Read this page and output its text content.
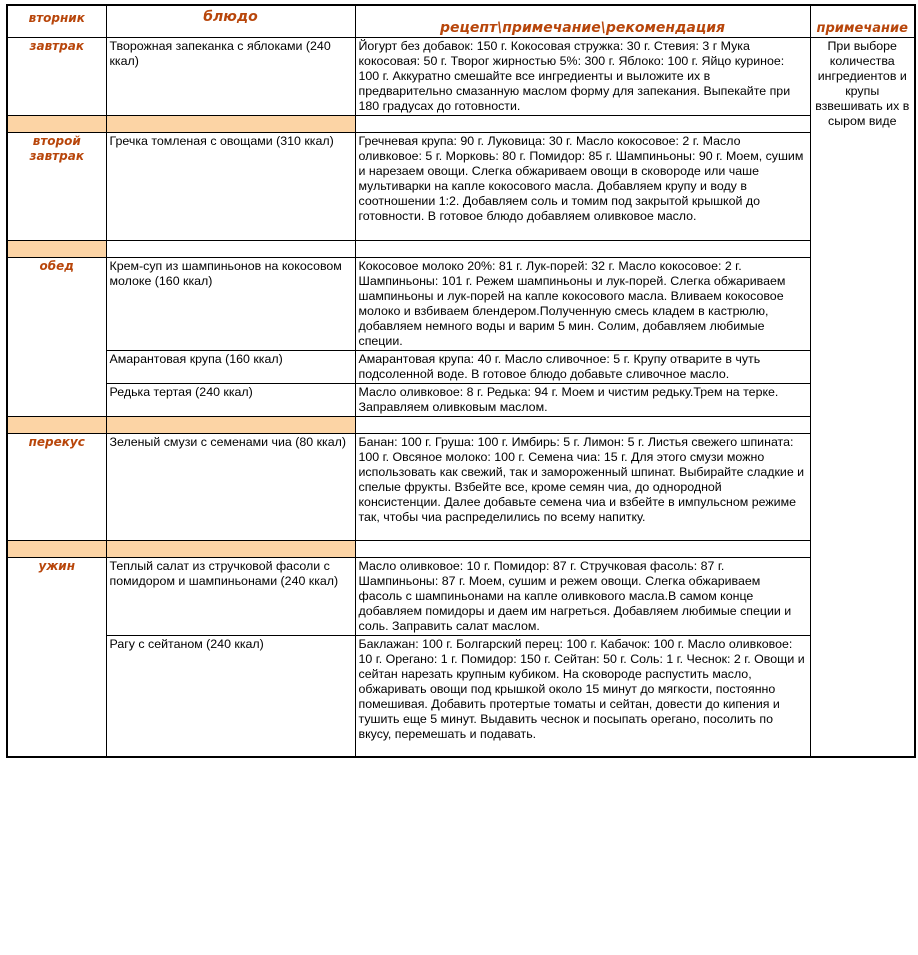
вторник	блюдо	рецепт\примечание\рекомендация	примечание
завтрак	Творожная запеканка с яблоками (240 ккал)	Йогурт без добавок: 150 г. Кокосовая стружка: 30 г. Стевия: 3 г Мука кокосовая: 50 г. Творог жирностью 5%: 300 г. Яблоко: 100 г. Яйцо куриное: 100 г. Аккуратно смешайте все ингредиенты и выложите их в предварительно смазанную маслом форму для запекания. Выпекайте при 180 градусах до готовности.	При выборе количества ингредиентов и крупы взвешивать их в сыром виде

второй завтрак	Гречка томленая с овощами (310 ккал)	Гречневая крупа: 90 г. Луковица: 30 г. Масло кокосовое: 2 г. Масло оливковое: 5 г. Морковь: 80 г. Помидор: 85 г. Шампиньоны: 90 г. Моем, сушим и нарезаем овощи. Слегка обжариваем овощи в сковороде или чаше мультиварки на капле кокосового масла. Добавляем крупу и воду в соотношении 1:2. Добавляем соль и томим под закрытой крышкой до готовности. В готовое блюдо добавляем оливковое масло.	

обед	Крем-суп из шампиньонов на кокосовом молоке (160 ккал)	Кокосовое молоко 20%: 81 г. Лук-порей: 32 г. Масло кокосовое: 2 г. Шампиньоны: 101 г. Режем шампиньоны и лук-порей. Слегка обжариваем шампиньоны и лук-порей на капле кокосового масла. Вливаем кокосовое молоко и взбиваем блендером.Полученную смесь кладем в кастрюлю, добавляем немного воды и варим 5 мин. Солим, добавляем любимые специи.	
	Амарантовая крупа (160 ккал)	Амарантовая крупа: 40 г. Масло сливочное: 5 г. Крупу отварите в чуть подсоленной воде. В готовое блюдо добавьте сливочное масло.	
	Редька тертая (240 ккал)	Масло оливковое: 8 г. Редька: 94 г. Моем и чистим редьку.Трем на терке. Заправляем оливковым маслом.	

перекус	Зеленый смузи с семенами чиа (80 ккал)	Банан: 100 г. Груша: 100 г. Имбирь: 5 г. Лимон: 5 г. Листья свежего шпината: 100 г. Овсяное молоко: 100 г. Семена чиа: 15 г. Для этого смузи можно использовать как свежий, так и замороженный шпинат. Выбирайте сладкие и спелые фрукты. Взбейте все, кроме семян чиа, до однородной консистенции. Далее добавьте семена чиа и взбейте в импульсном режиме так, чтобы чиа распределились по всему напитку.	

ужин	Теплый салат из стручковой фасоли с помидором и шампиньонами (240 ккал)	Масло оливковое: 10 г. Помидор: 87 г. Стручковая фасоль: 87 г. Шампиньоны: 87 г. Моем, сушим и режем овощи. Слегка обжариваем фасоль с шампиньонами на капле оливкового масла.В самом конце добавляем помидоры и даем им нагреться. Добавляем любимые специи и соль. Заправить салат маслом.	
	Рагу с сейтаном (240 ккал)	Баклажан: 100 г. Болгарский перец: 100 г. Кабачок: 100 г. Масло оливковое: 10 г. Орегано: 1 г. Помидор: 150 г. Сейтан: 50 г. Соль: 1 г. Чеснок: 2 г. Овощи и сейтан нарезать крупным кубиком. На сковороде распустить масло, обжаривать овощи под крышкой около 15 минут до мягкости, постоянно помешивая. Добавить протертые томаты и сейтан, довести до кипения и тушить еще 5 минут. Выдавить чеснок и посыпать орегано, посолить по вкусу, перемешать и подавать.	
